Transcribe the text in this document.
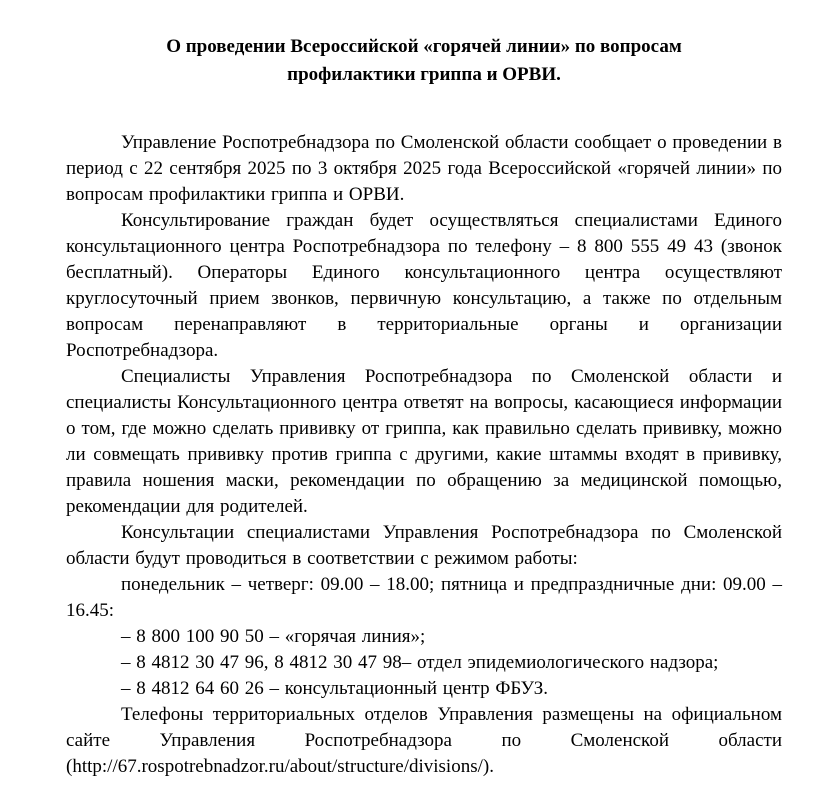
О проведении Всероссийской «горячей линии» по вопросам
профилактики гриппа и ОРВИ.

Управление Роспотребнадзора по Смоленской области сообщает о проведении в период с 22 сентября 2025 по 3 октября 2025 года Всероссийской «горячей линии» по вопросам профилактики гриппа и ОРВИ.

Консультирование граждан будет осуществляться специалистами Единого консультационного центра Роспотребнадзора по телефону – 8 800 555 49 43 (звонок бесплатный). Операторы Единого консультационного центра осуществляют круглосуточный прием звонков, первичную консультацию, а также по отдельным вопросам перенаправляют в территориальные органы и организации Роспотребнадзора.

Специалисты Управления Роспотребнадзора по Смоленской области и специалисты Консультационного центра ответят на вопросы, касающиеся информации о том, где можно сделать прививку от гриппа, как правильно сделать прививку, можно ли совмещать прививку против гриппа с другими, какие штаммы входят в прививку, правила ношения маски, рекомендации по обращению за медицинской помощью, рекомендации для родителей.

Консультации специалистами Управления Роспотребнадзора по Смоленской области будут проводиться в соответствии с режимом работы:

понедельник – четверг: 09.00 – 18.00; пятница и предпраздничные дни: 09.00 – 16.45:

– 8 800 100 90 50 – «горячая линия»;

– 8 4812 30 47 96, 8 4812 30 47 98– отдел эпидемиологического надзора;

– 8 4812 64 60 26 – консультационный центр ФБУЗ.

Телефоны территориальных отделов Управления размещены на официальном сайте Управления Роспотребнадзора по Смоленской области (http://67.rospotrebnadzor.ru/about/structure/divisions/).
